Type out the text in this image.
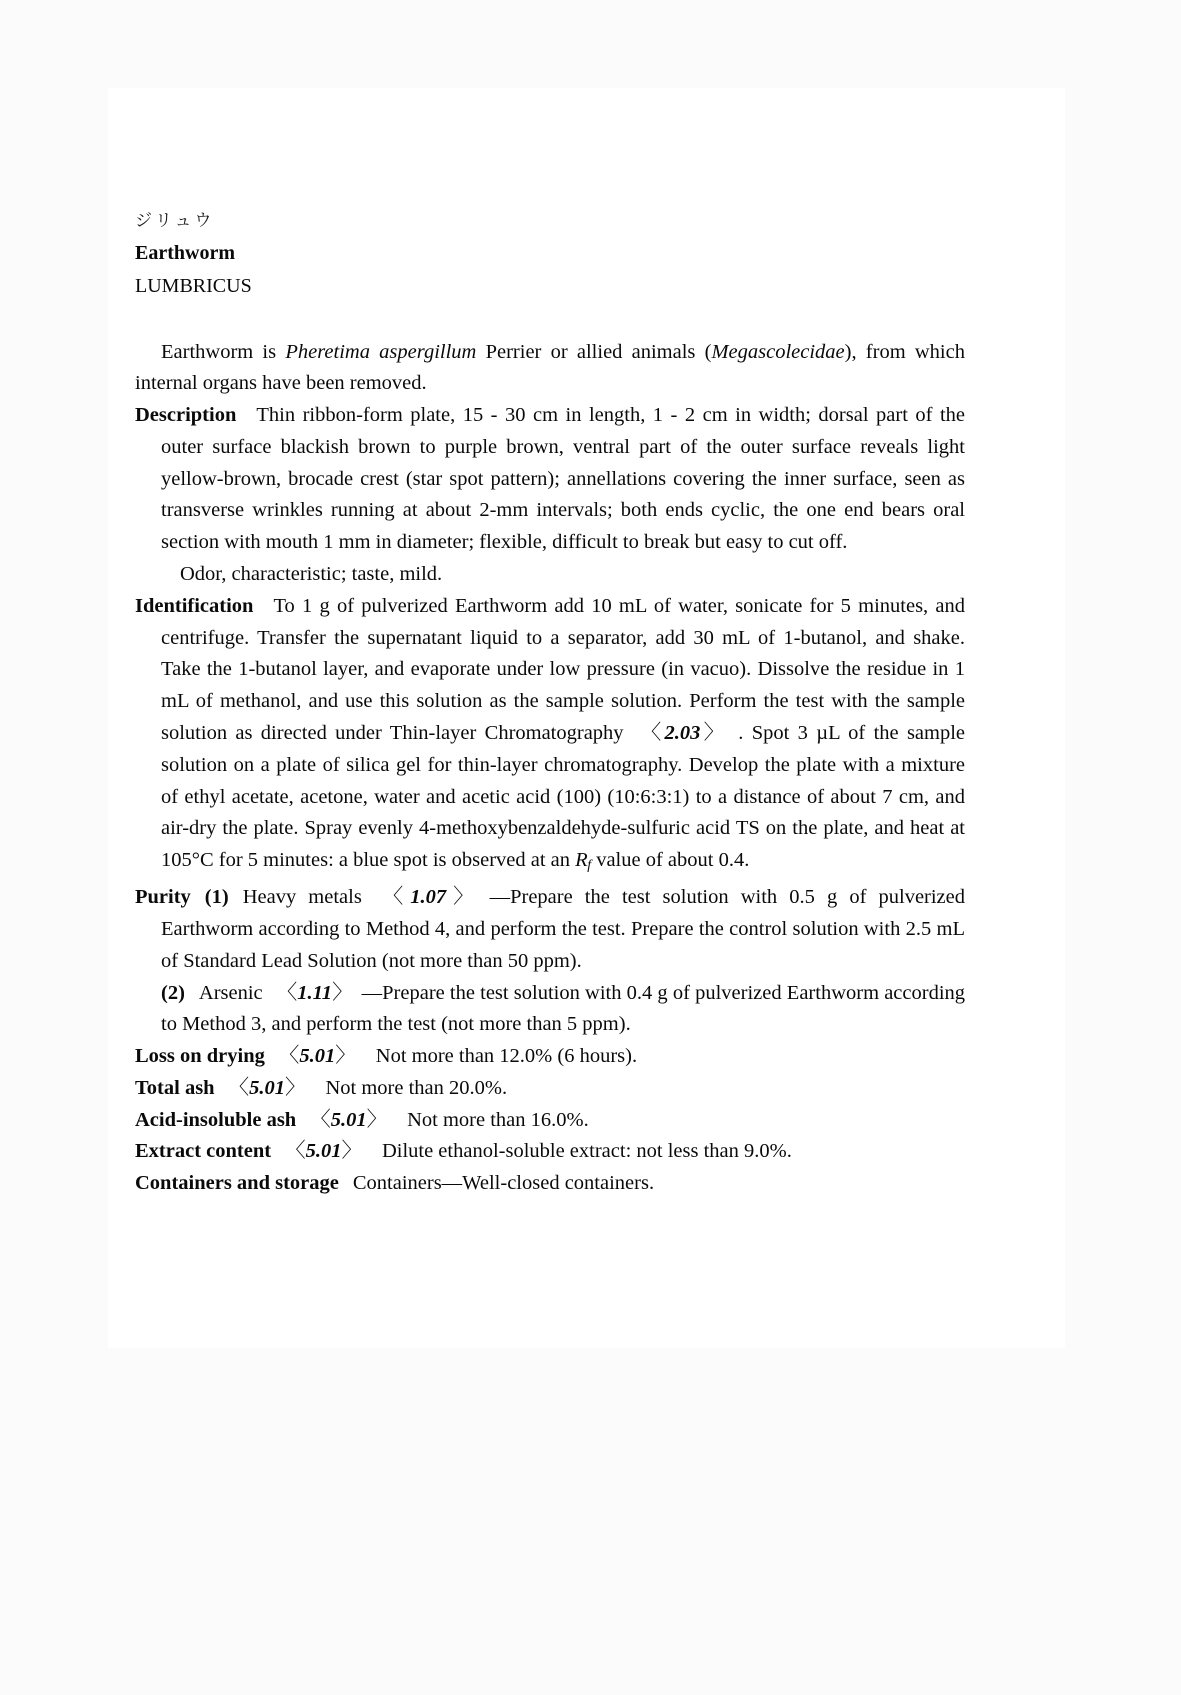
ジリュウ
Earthworm
LUMBRICUS

Earthworm is Pheretima aspergillum Perrier or allied animals (Megascolecidae), from which internal organs have been removed.

Description Thin ribbon-form plate, 15 - 30 cm in length, 1 - 2 cm in width; dorsal part of the outer surface blackish brown to purple brown, ventral part of the outer surface reveals light yellow-brown, brocade crest (star spot pattern); annellations covering the inner surface, seen as transverse wrinkles running at about 2-mm intervals; both ends cyclic, the one end bears oral section with mouth 1 mm in diameter; flexible, difficult to break but easy to cut off.

Odor, characteristic; taste, mild.

Identification To 1 g of pulverized Earthworm add 10 mL of water, sonicate for 5 minutes, and centrifuge. Transfer the supernatant liquid to a separator, add 30 mL of 1-butanol, and shake. Take the 1-butanol layer, and evaporate under low pressure (in vacuo). Dissolve the residue in 1 mL of methanol, and use this solution as the sample solution. Perform the test with the sample solution as directed under Thin-layer Chromatography 〈2.03〉 . Spot 3 µL of the sample solution on a plate of silica gel for thin-layer chromatography. Develop the plate with a mixture of ethyl acetate, acetone, water and acetic acid (100) (10:6:3:1) to a distance of about 7 cm, and air-dry the plate. Spray evenly 4-methoxybenzaldehyde-sulfuric acid TS on the plate, and heat at 105°C for 5 minutes: a blue spot is observed at an $R_f$ value of about 0.4.

Purity (1) Heavy metals 〈1.07〉 —Prepare the test solution with 0.5 g of pulverized Earthworm according to Method 4, and perform the test. Prepare the control solution with 2.5 mL of Standard Lead Solution (not more than 50 ppm).

(2) Arsenic 〈1.11〉 —Prepare the test solution with 0.4 g of pulverized Earthworm according to Method 3, and perform the test (not more than 5 ppm).

Loss on drying 〈5.01〉 Not more than 12.0% (6 hours).

Total ash 〈5.01〉 Not more than 20.0%.

Acid-insoluble ash 〈5.01〉 Not more than 16.0%.

Extract content 〈5.01〉 Dilute ethanol-soluble extract: not less than 9.0%.

Containers and storage Containers—Well-closed containers.
